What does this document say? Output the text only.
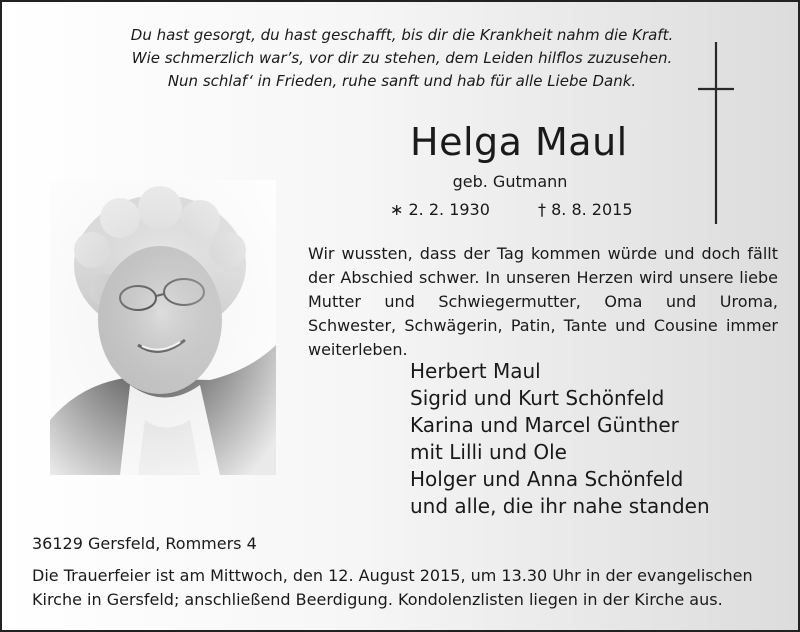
Du hast gesorgt, du hast geschafft, bis dir die Krankheit nahm die Kraft.
Wie schmerzlich war’s, vor dir zu stehen, dem Leiden hilflos zuzusehen.
Nun schlaf‘ in Frieden, ruhe sanft und hab für alle Liebe Dank.
Helga Maul
geb. Gutmann
∗ 2. 2. 1930	† 8. 8. 2015
Wir wussten, dass der Tag kommen würde und doch fällt der Abschied schwer. In unseren Herzen wird unsere liebe Mutter und Schwiegermutter, Oma und Uroma, Schwester, Schwägerin, Patin, Tante und Cousine immer weiterleben.
Herbert Maul
Sigrid und Kurt Schönfeld
Karina und Marcel Günther
mit Lilli und Ole
Holger und Anna Schönfeld
und alle, die ihr nahe standen
36129 Gersfeld, Rommers 4
Die Trauerfeier ist am Mittwoch, den 12. August 2015, um 13.30 Uhr in der evangelischen Kirche in Gersfeld; anschließend Beerdigung. Kondolenzlisten liegen in der Kirche aus.
